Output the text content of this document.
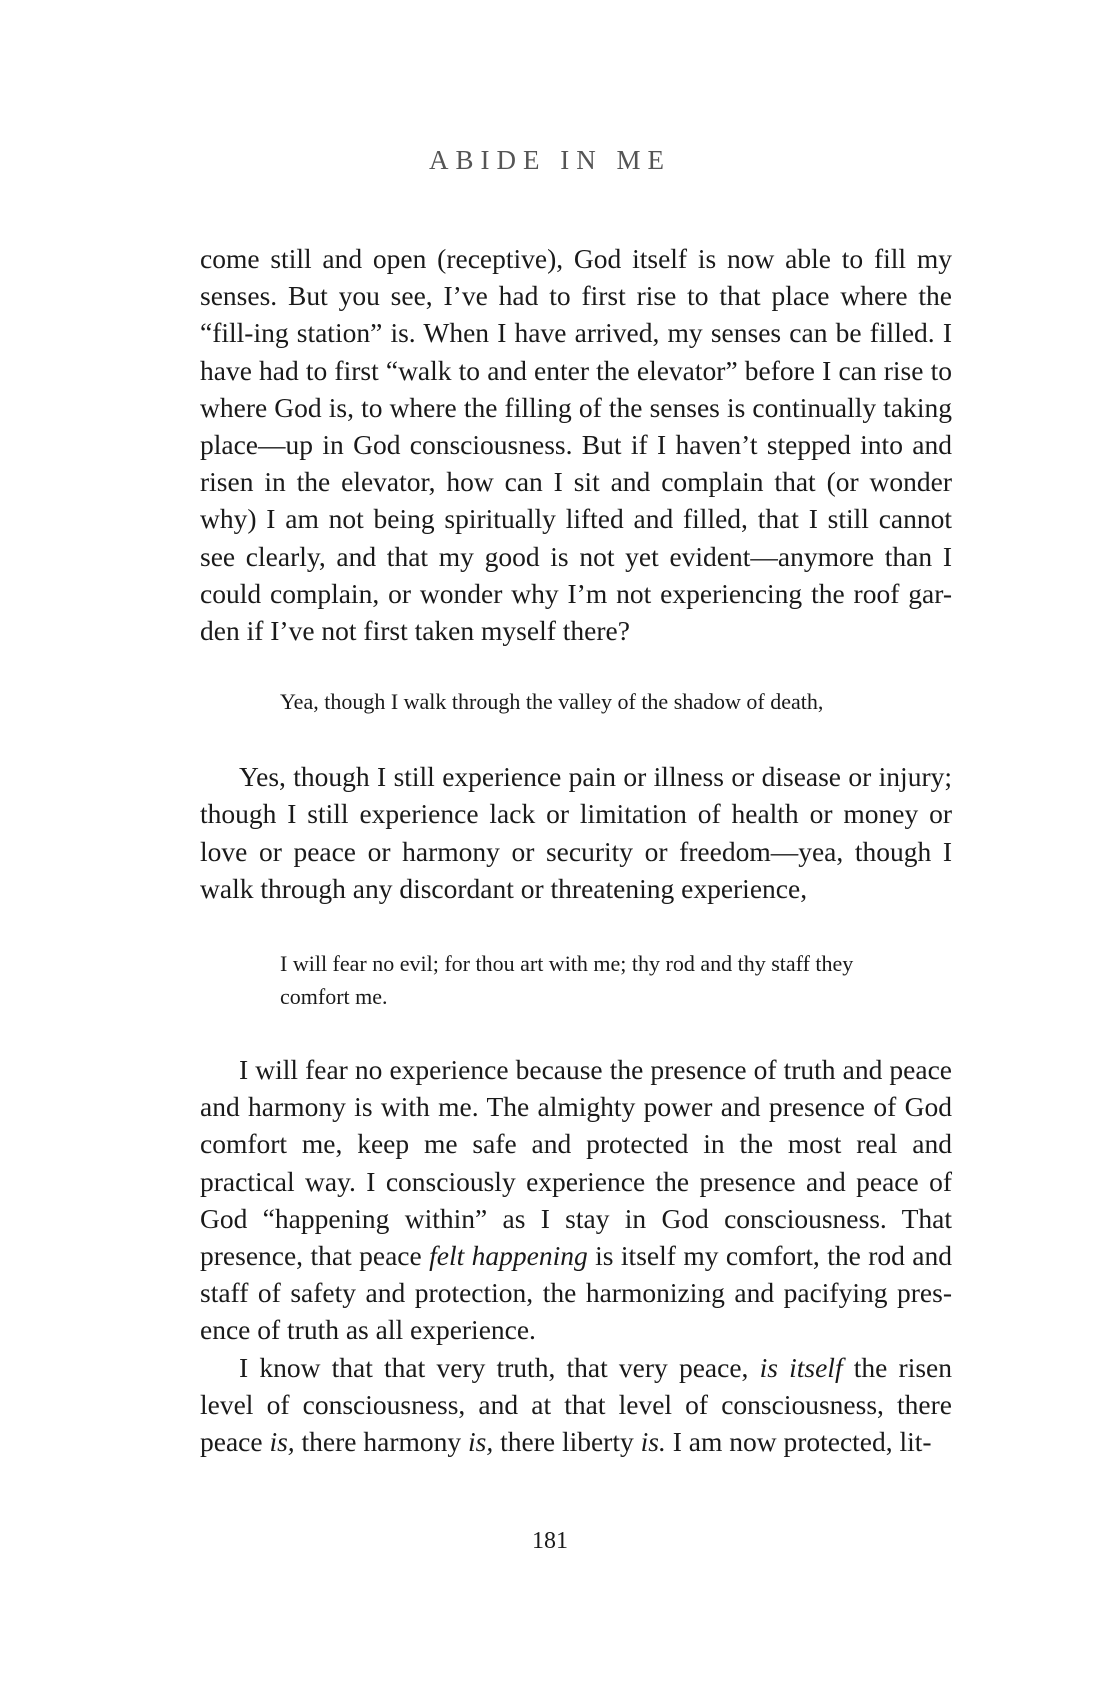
ABIDE IN ME

come still and open (receptive), God itself is now able to fill my senses. But you see, I’ve had to first rise to that place where the “fill-ing station” is. When I have arrived, my senses can be filled. I have had to first “walk to and enter the elevator” before I can rise to where God is, to where the filling of the senses is continually taking place—up in God consciousness. But if I haven’t stepped into and risen in the elevator, how can I sit and complain that (or wonder why) I am not being spiritually lifted and filled, that I still cannot see clearly, and that my good is not yet evident—anymore than I could complain, or wonder why I’m not experiencing the roof gar-den if I’ve not first taken myself there?

Yea, though I walk through the valley of the shadow of death,

Yes, though I still experience pain or illness or disease or injury; though I still experience lack or limitation of health or money or love or peace or harmony or security or freedom—yea, though I walk through any discordant or threatening experience,

I will fear no evil; for thou art with me; thy rod and thy staff they comfort me.

I will fear no experience because the presence of truth and peace and harmony is with me. The almighty power and presence of God comfort me, keep me safe and protected in the most real and practical way. I consciously experience the presence and peace of God “happening within” as I stay in God consciousness. That presence, that peace felt happening is itself my comfort, the rod and staff of safety and protection, the harmonizing and pacifying pres-ence of truth as all experience.

I know that that very truth, that very peace, is itself the risen level of consciousness, and at that level of consciousness, there peace is, there harmony is, there liberty is. I am now protected, lit-

181
